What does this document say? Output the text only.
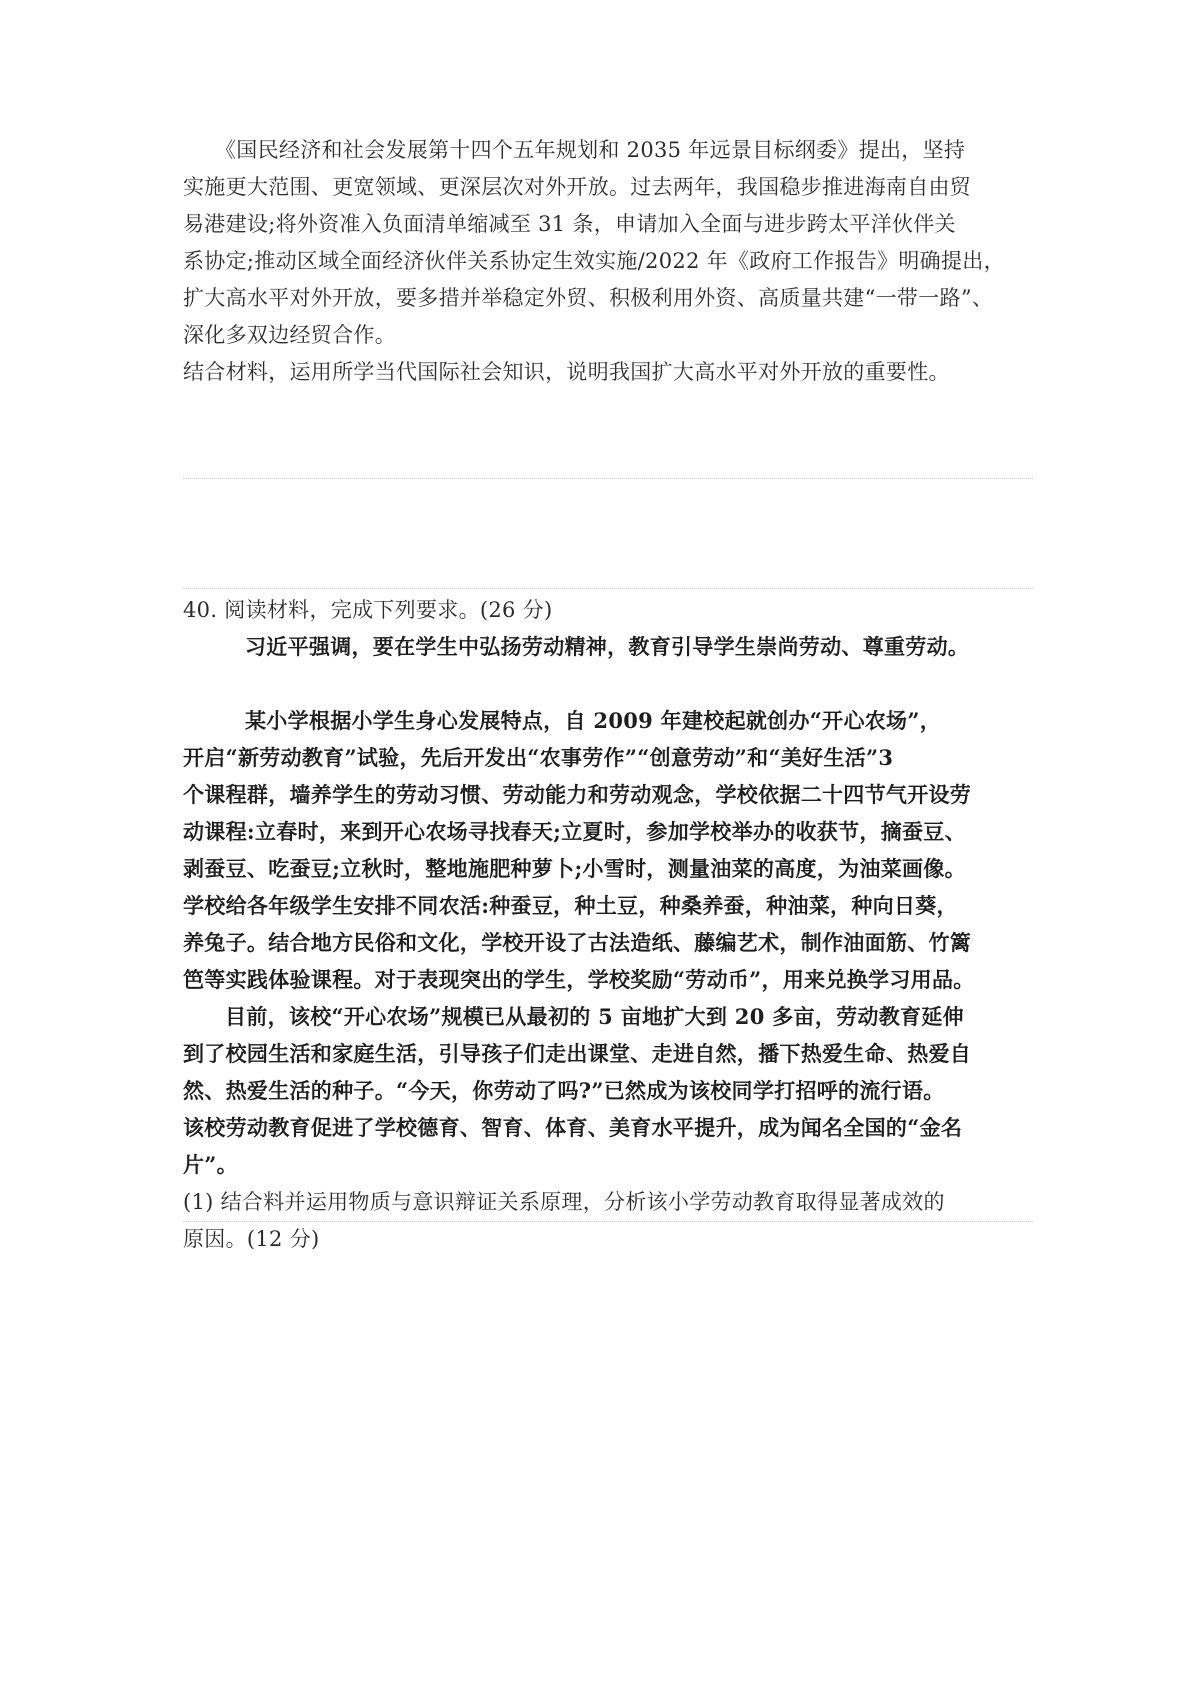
《国民经济和社会发展第十四个五年规划和 2035 年远景目标纲委》提出，坚持
实施更大范围、更宽领域、更深层次对外开放。过去两年，我国稳步推进海南自由贸
易港建设;将外资准入负面清单缩减至 31 条，申请加入全面与进步跨太平洋伙伴关
系协定;推动区域全面经济伙伴关系协定生效实施/2022 年《政府工作报告》明确提出，
扩大高水平对外开放，要多措并举稳定外贸、积极利用外资、高质量共建“一带一路”、
深化多双边经贸合作。
结合材料，运用所学当代国际社会知识，说明我国扩大高水平对外开放的重要性。
40. 阅读材料，完成下列要求。(26 分)
习近平强调，要在学生中弘扬劳动精神，教育引导学生崇尚劳动、尊重劳动。
某小学根据小学生身心发展特点，自 2009 年建校起就创办“开心农场”，
开启“新劳动教育”试验，先后开发出“农事劳作”“创意劳动”和“美好生活”3
个课程群，墙养学生的劳动习惯、劳动能力和劳动观念，学校依据二十四节气开设劳
动课程:立春时，来到开心农场寻找春天;立夏时，参加学校举办的收获节，摘蚕豆、
剥蚕豆、吃蚕豆;立秋时，整地施肥种萝卜;小雪时，测量油菜的高度，为油菜画像。
学校给各年级学生安排不同农活:种蚕豆，种土豆，种桑养蚕，种油菜，种向日葵，
养兔子。结合地方民俗和文化，学校开设了古法造纸、藤编艺术，制作油面筋、竹篱
笆等实践体验课程。对于表现突出的学生，学校奖励“劳动币”，用来兑换学习用品。
目前，该校“开心农场”规模已从最初的 5 亩地扩大到 20 多亩，劳动教育延伸
到了校园生活和家庭生活，引导孩子们走出课堂、走进自然，播下热爱生命、热爱自
然、热爱生活的种子。“今天，你劳动了吗?”已然成为该校同学打招呼的流行语。
该校劳动教育促进了学校德育、智育、体育、美育水平提升，成为闻名全国的“金名
片”。
(1) 结合料并运用物质与意识辩证关系原理，分析该小学劳动教育取得显著成效的
原因。(12 分)
